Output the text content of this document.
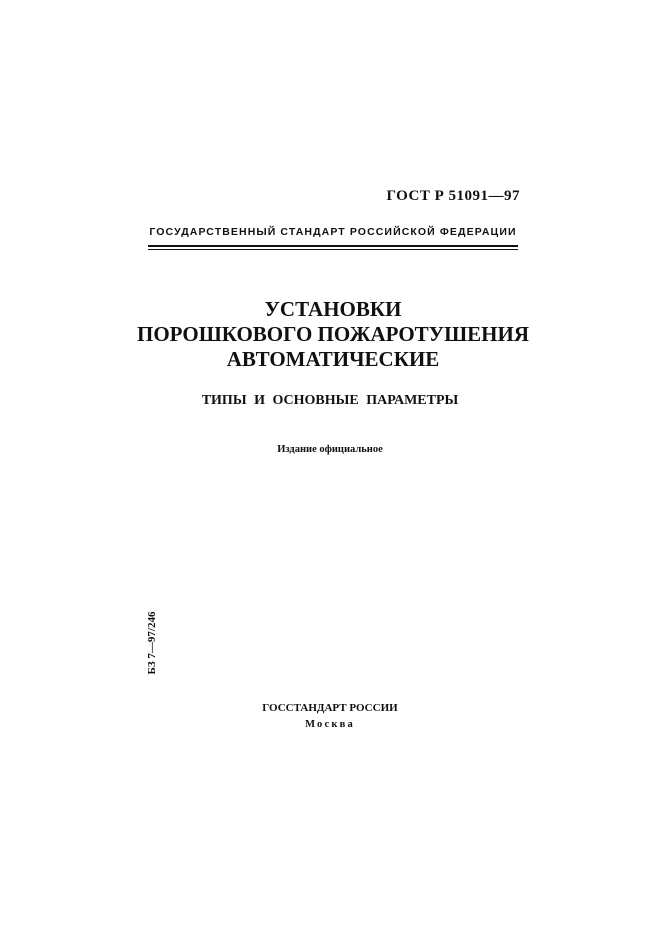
ГОСТ Р 51091—97
ГОСУДАРСТВЕННЫЙ СТАНДАРТ РОССИЙСКОЙ ФЕДЕРАЦИИ
УСТАНОВКИ
ПОРОШКОВОГО ПОЖАРОТУШЕНИЯ
АВТОМАТИЧЕСКИЕ
ТИПЫ И ОСНОВНЫЕ ПАРАМЕТРЫ
Издание официальное
БЗ 7—97/246
ГОССТАНДАРТ РОССИИ
Москва
